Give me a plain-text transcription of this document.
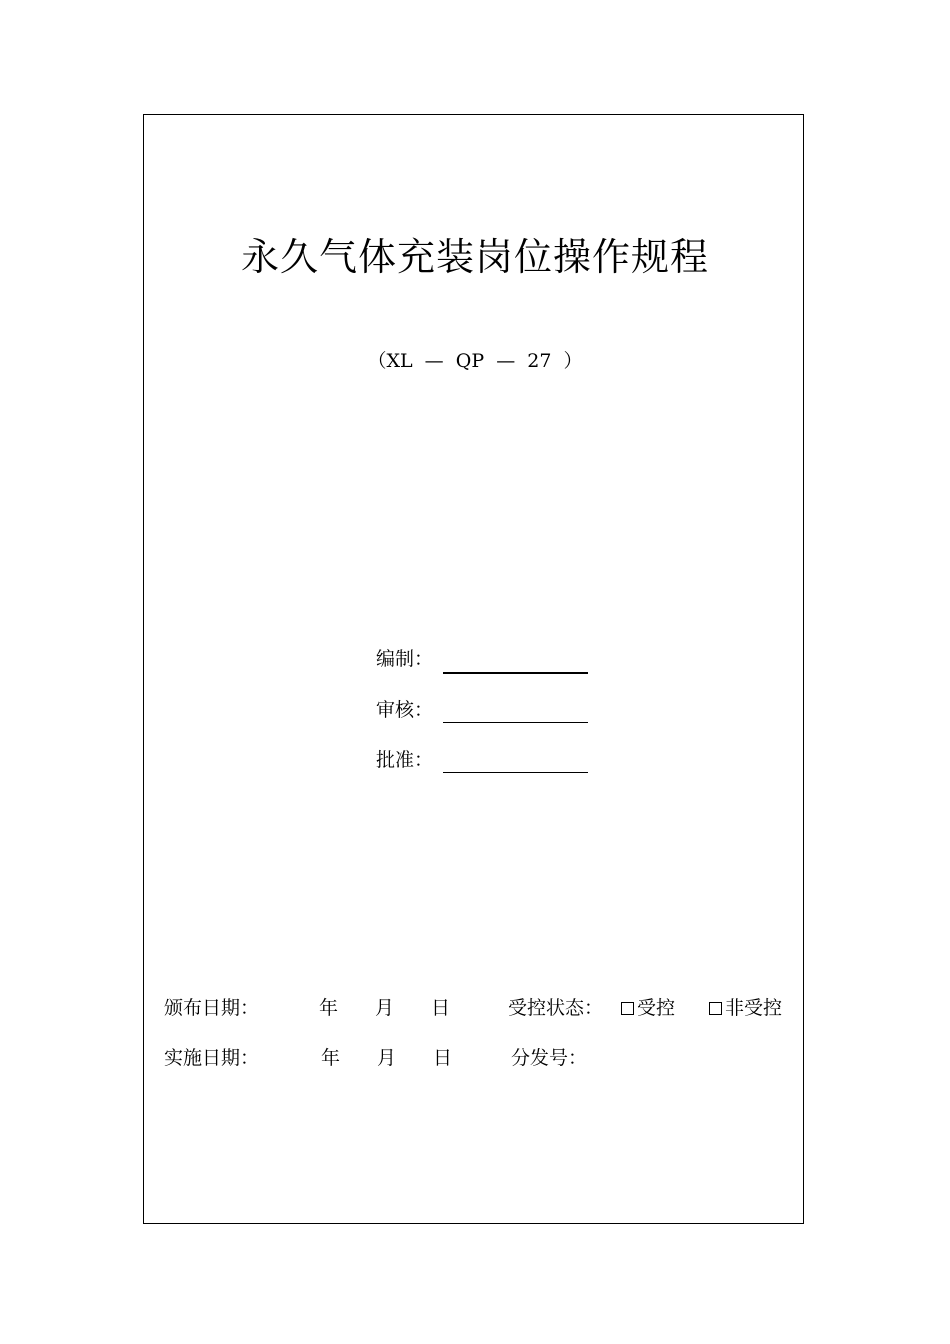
永久气体充装岗位操作规程
（XL  —  QP  —  27  ）
编制：
审核：
批准：
颁布日期：	年 月 日	受控状态：	受控	非受控
实施日期：	年 月 日	分发号：
